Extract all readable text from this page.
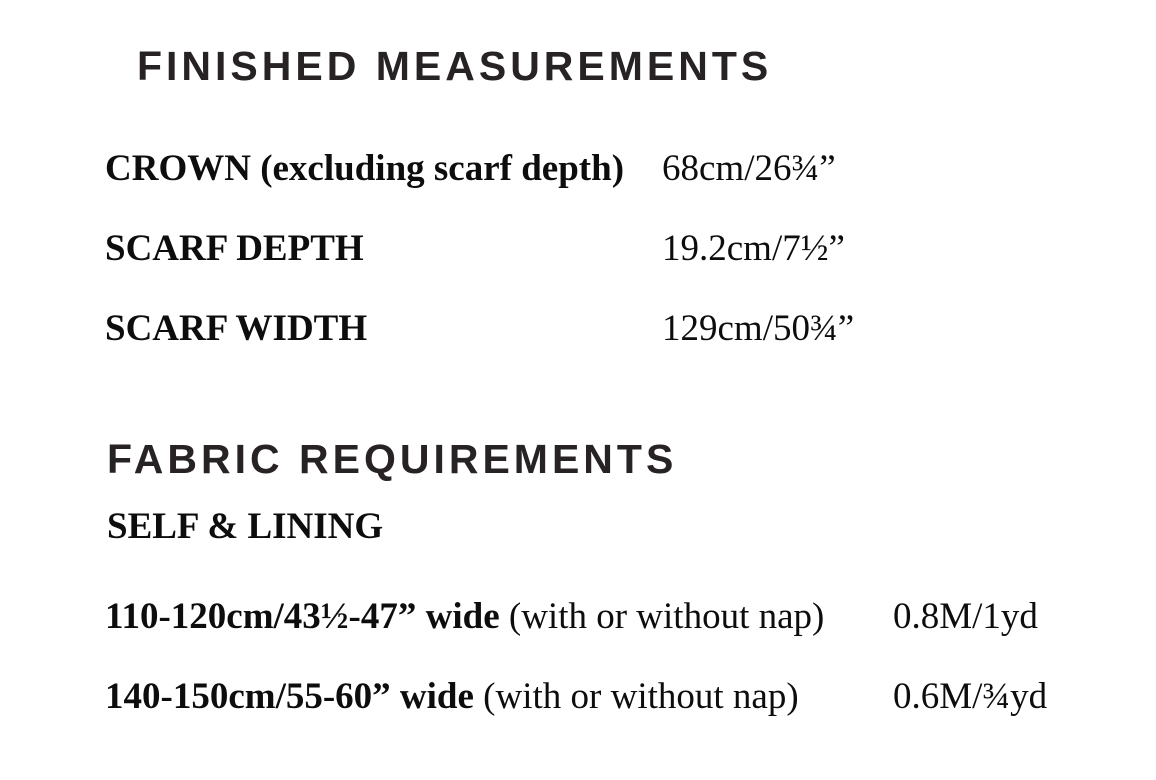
FINISHED MEASUREMENTS
CROWN (excluding scarf depth) 68cm/26¾”
SCARF DEPTH	19.2cm/7½”
SCARF WIDTH	129cm/50¾”
FABRIC REQUIREMENTS
SELF & LINING
110-120cm/43½-47” wide (with or without nap) 0.8M/1yd
140-150cm/55-60” wide (with or without nap)	0.6M/¾yd
